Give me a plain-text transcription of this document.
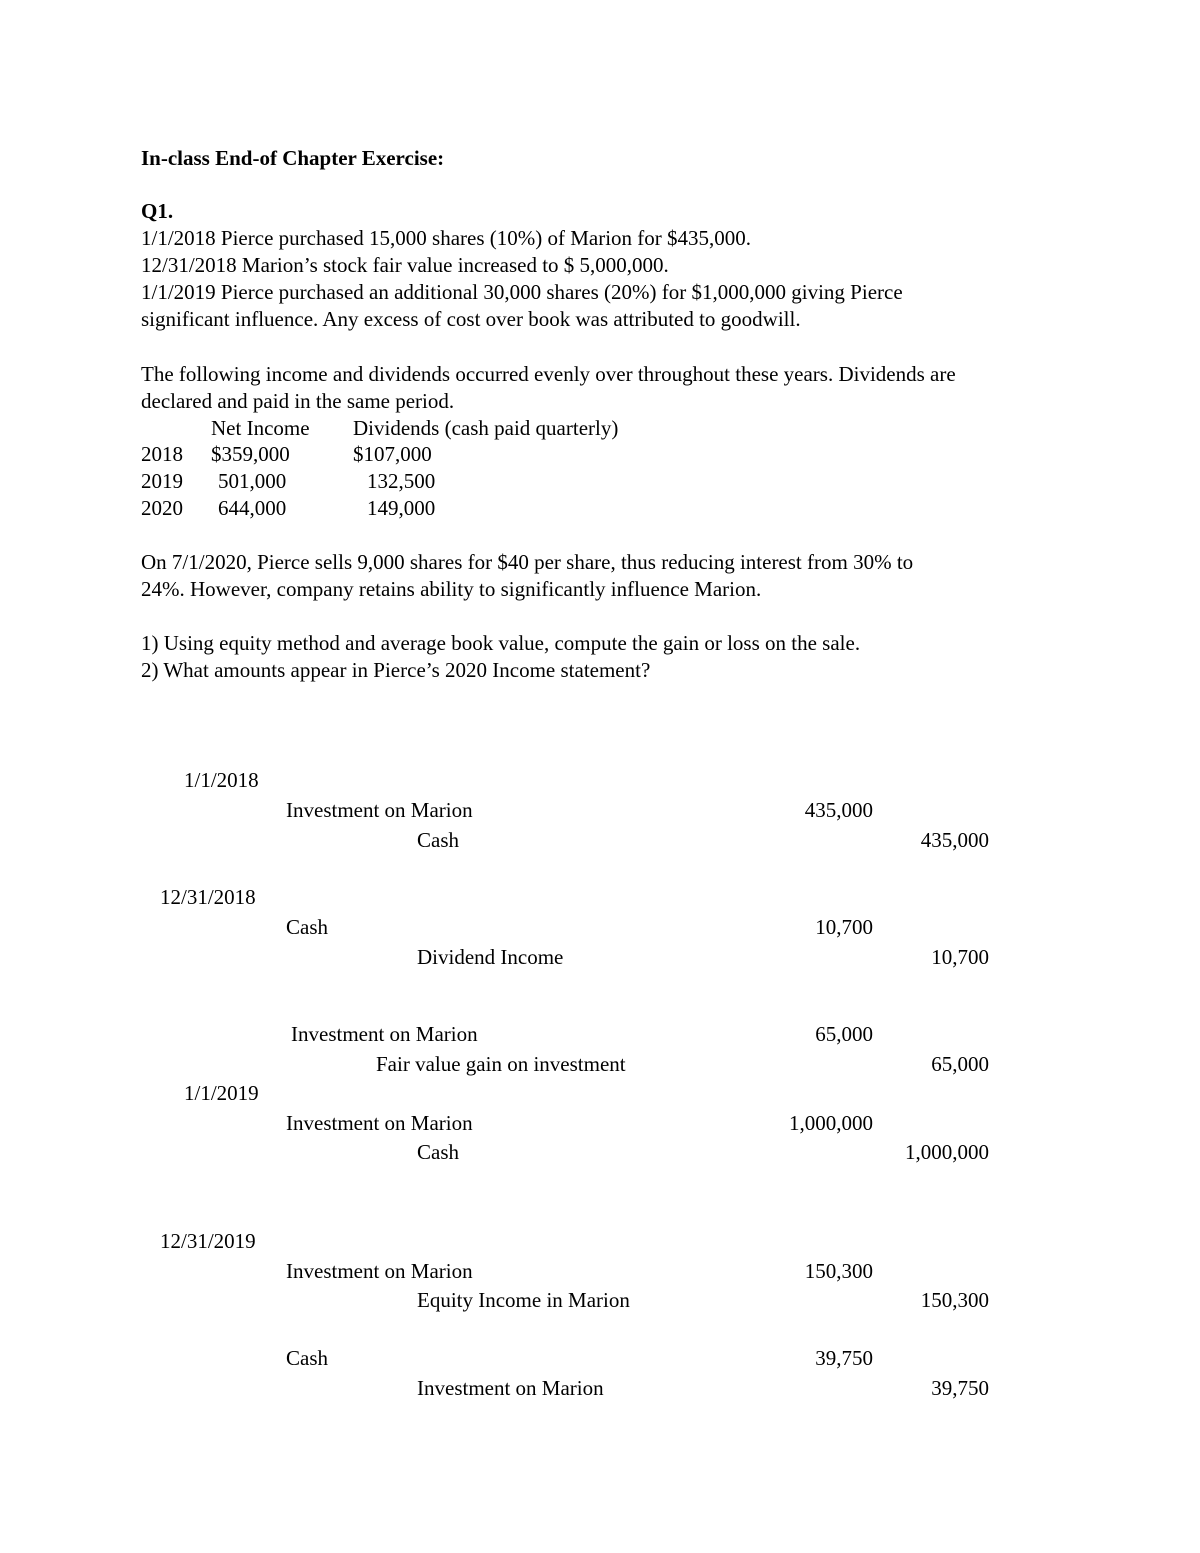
In-class End-of Chapter Exercise:
Q1.
1/1/2018 Pierce purchased 15,000 shares (10%) of Marion for $435,000.
12/31/2018 Marion’s stock fair value increased to $ 5,000,000.
1/1/2019 Pierce purchased an additional 30,000 shares (20%) for $1,000,000 giving Pierce
significant influence. Any excess of cost over book was attributed to goodwill.
The following income and dividends occurred evenly over throughout these years. Dividends are
declared and paid in the same period.
Net Income Dividends (cash paid quarterly)
2018 $359,000	$107,000
2019 501,000	132,500
2020 644,000	149,000
On 7/1/2020, Pierce sells 9,000 shares for $40 per share, thus reducing interest from 30% to
24%. However, company retains ability to significantly influence Marion.
1) Using equity method and average book value, compute the gain or loss on the sale.
2) What amounts appear in Pierce’s 2020 Income statement?
1/1/2018
Investment on Marion	435,000
Cash	435,000
12/31/2018
Cash	10,700
Dividend Income	10,700
Investment on Marion	65,000
Fair value gain on investment	65,000
1/1/2019
Investment on Marion	1,000,000
Cash	1,000,000
12/31/2019
Investment on Marion	150,300
Equity Income in Marion	150,300
Cash	39,750
Investment on Marion	39,750
